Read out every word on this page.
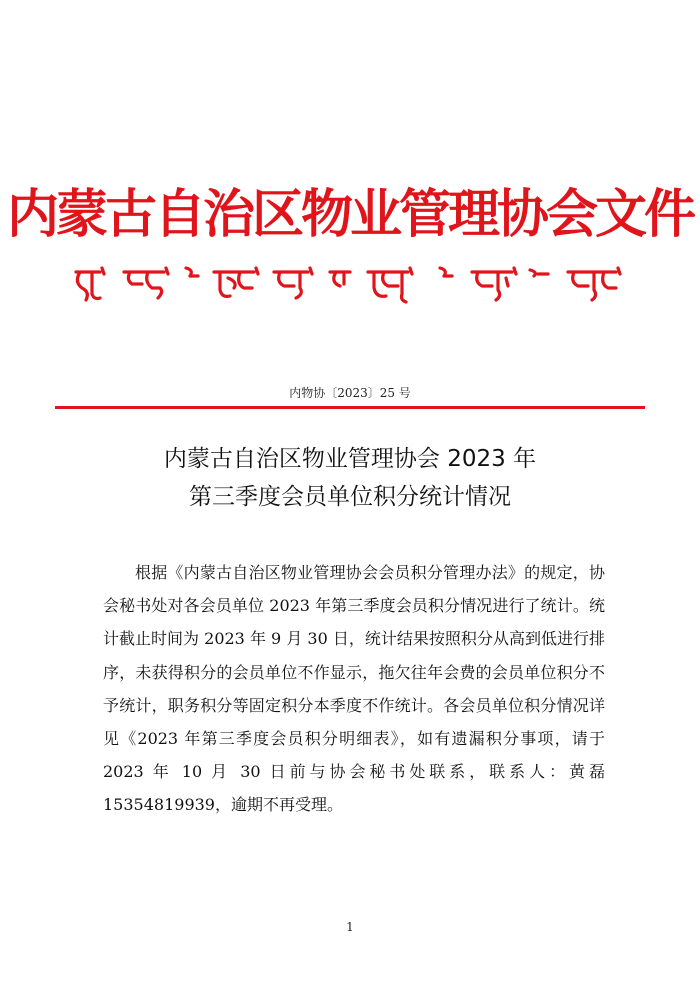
内蒙古自治区物业管理协会文件
内物协〔2023〕25 号
内蒙古自治区物业管理协会 2023 年
第三季度会员单位积分统计情况
根据《内蒙古自治区物业管理协会会员积分管理办法》的规定，协会秘书处对各会员单位 2023 年第三季度会员积分情况进行了统计。统计截止时间为 2023 年 9 月 30 日，统计结果按照积分从高到低进行排序，未获得积分的会员单位不作显示，拖欠往年会费的会员单位积分不予统计，职务积分等固定积分本季度不作统计。各会员单位积分情况详见《2023 年第三季度会员积分明细表》，如有遗漏积分事项，请于 2023 年 10 月 30 日前与协会秘书处联系，联系人：黄磊 15354819939，逾期不再受理。
1
